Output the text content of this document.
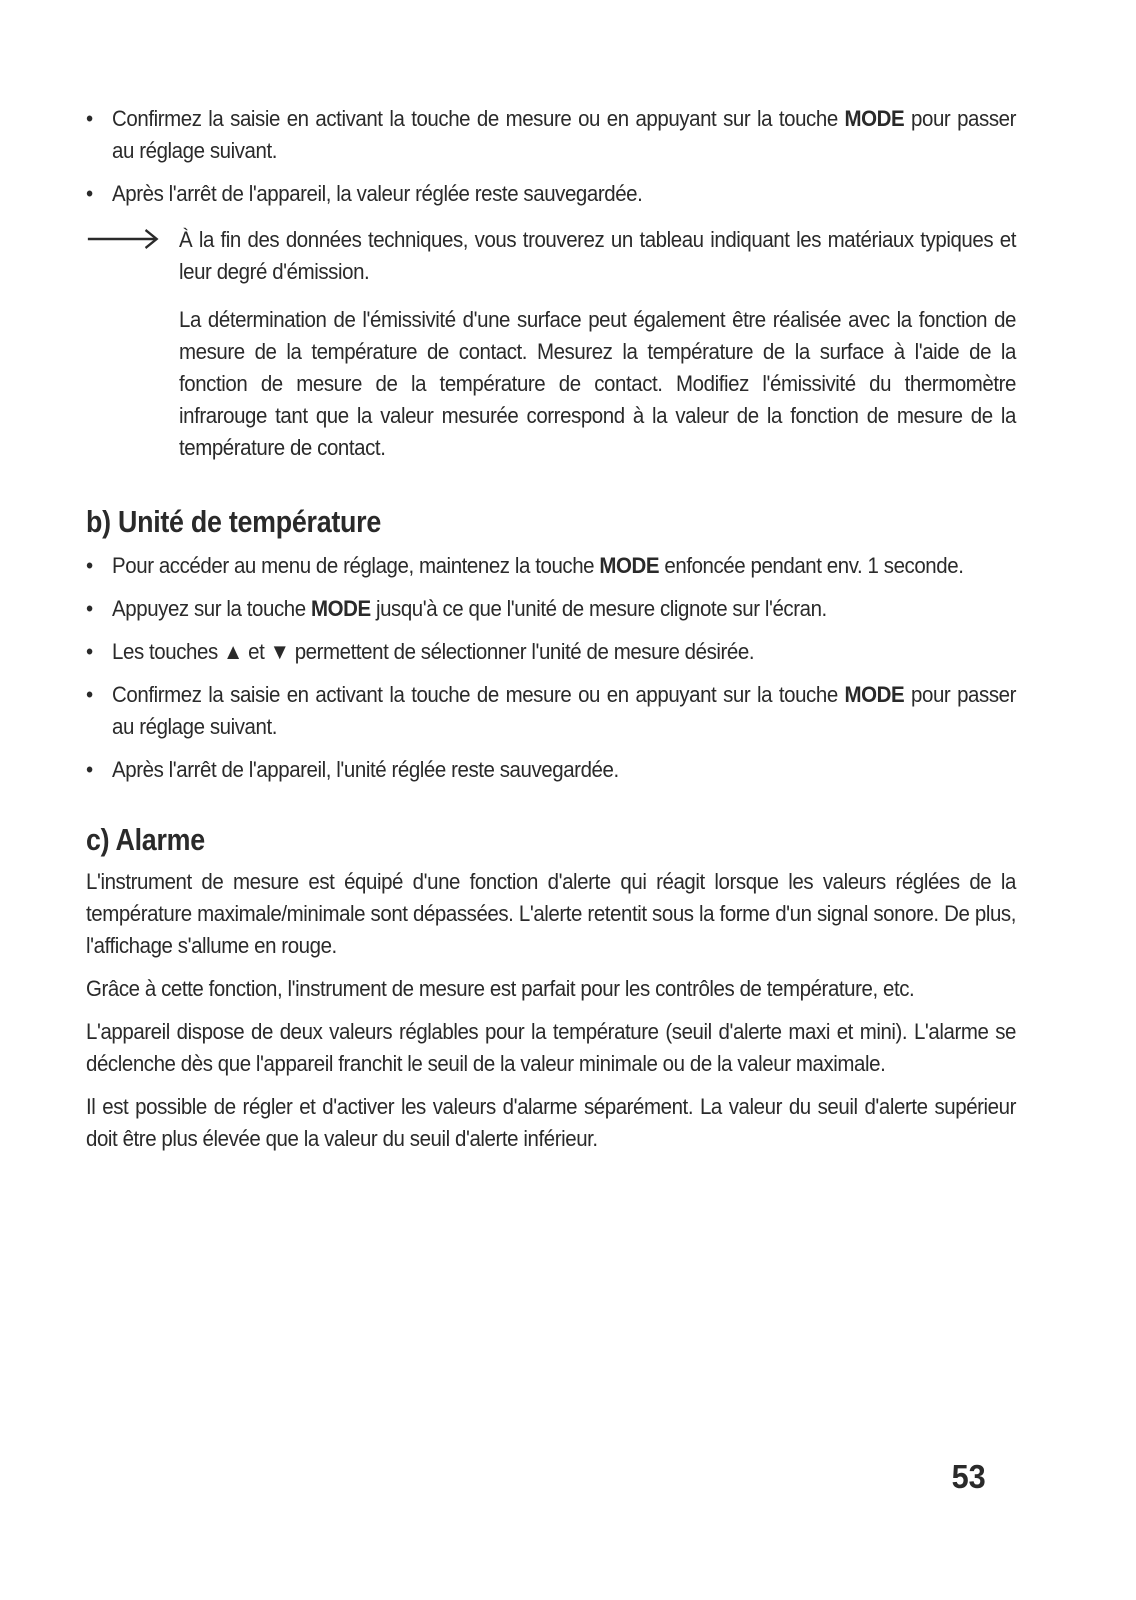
• Confirmez la saisie en activant la touche de mesure ou en appuyant sur la touche MODE pour passer au réglage suivant.
• Après l'arrêt de l'appareil, la valeur réglée reste sauvegardée.

À la fin des données techniques, vous trouverez un tableau indiquant les matériaux typiques et leur degré d'émission.

La détermination de l'émissivité d'une surface peut également être réalisée avec la fonction de mesure de la température de contact. Mesurez la température de la surface à l'aide de la fonction de mesure de la température de contact. Modifiez l'émissivité du thermomètre infrarouge tant que la valeur mesurée correspond à la valeur de la fonction de mesure de la température de contact.

b) Unité de température
• Pour accéder au menu de réglage, maintenez la touche MODE enfoncée pendant env. 1 seconde.
• Appuyez sur la touche MODE jusqu'à ce que l'unité de mesure clignote sur l'écran.
• Les touches ▲ et ▼ permettent de sélectionner l'unité de mesure désirée.
• Confirmez la saisie en activant la touche de mesure ou en appuyant sur la touche MODE pour passer au réglage suivant.
• Après l'arrêt de l'appareil, l'unité réglée reste sauvegardée.
c) Alarme

L'instrument de mesure est équipé d'une fonction d'alerte qui réagit lorsque les valeurs réglées de la température maximale/minimale sont dépassées. L'alerte retentit sous la forme d'un signal sonore. De plus, l'affichage s'allume en rouge.

Grâce à cette fonction, l'instrument de mesure est parfait pour les contrôles de température, etc.

L'appareil dispose de deux valeurs réglables pour la température (seuil d'alerte maxi et mini). L'alarme se déclenche dès que l'appareil franchit le seuil de la valeur minimale ou de la valeur maximale.

Il est possible de régler et d'activer les valeurs d'alarme séparément. La valeur du seuil d'alerte supérieur doit être plus élevée que la valeur du seuil d'alerte inférieur.

53
